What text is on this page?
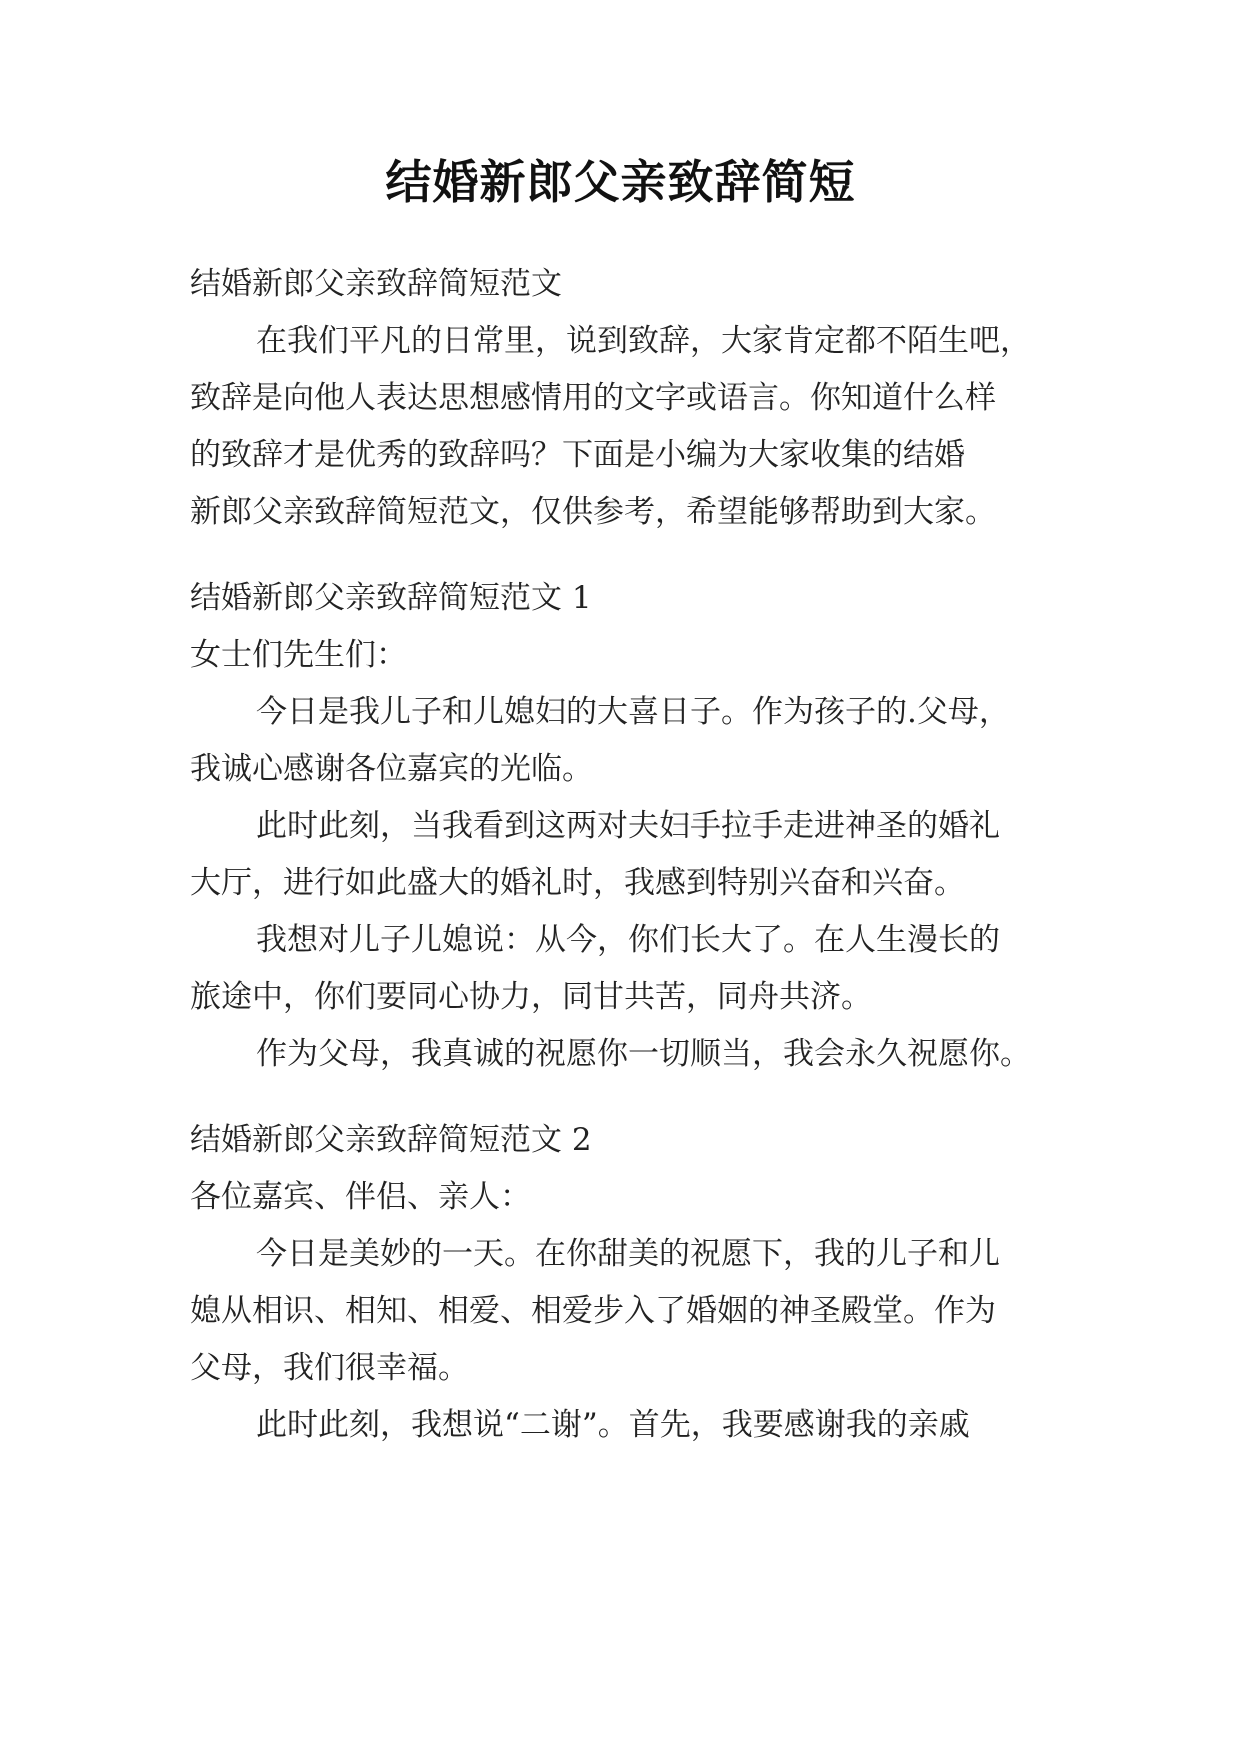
结婚新郎父亲致辞简短
结婚新郎父亲致辞简短范文
在我们平凡的日常里，说到致辞，大家肯定都不陌生吧，
致辞是向他人表达思想感情用的文字或语言。你知道什么样
的致辞才是优秀的致辞吗？下面是小编为大家收集的结婚
新郎父亲致辞简短范文，仅供参考，希望能够帮助到大家。
结婚新郎父亲致辞简短范文 1
女士们先生们：
今日是我儿子和儿媳妇的大喜日子。作为孩子的.父母，
我诚心感谢各位嘉宾的光临。
此时此刻，当我看到这两对夫妇手拉手走进神圣的婚礼
大厅，进行如此盛大的婚礼时，我感到特别兴奋和兴奋。
我想对儿子儿媳说：从今，你们长大了。在人生漫长的
旅途中，你们要同心协力，同甘共苦，同舟共济。
作为父母，我真诚的祝愿你一切顺当，我会永久祝愿你。
结婚新郎父亲致辞简短范文 2
各位嘉宾、伴侣、亲人：
今日是美妙的一天。在你甜美的祝愿下，我的儿子和儿
媳从相识、相知、相爱、相爱步入了婚姻的神圣殿堂。作为
父母，我们很幸福。
此时此刻，我想说“二谢”。首先，我要感谢我的亲戚
